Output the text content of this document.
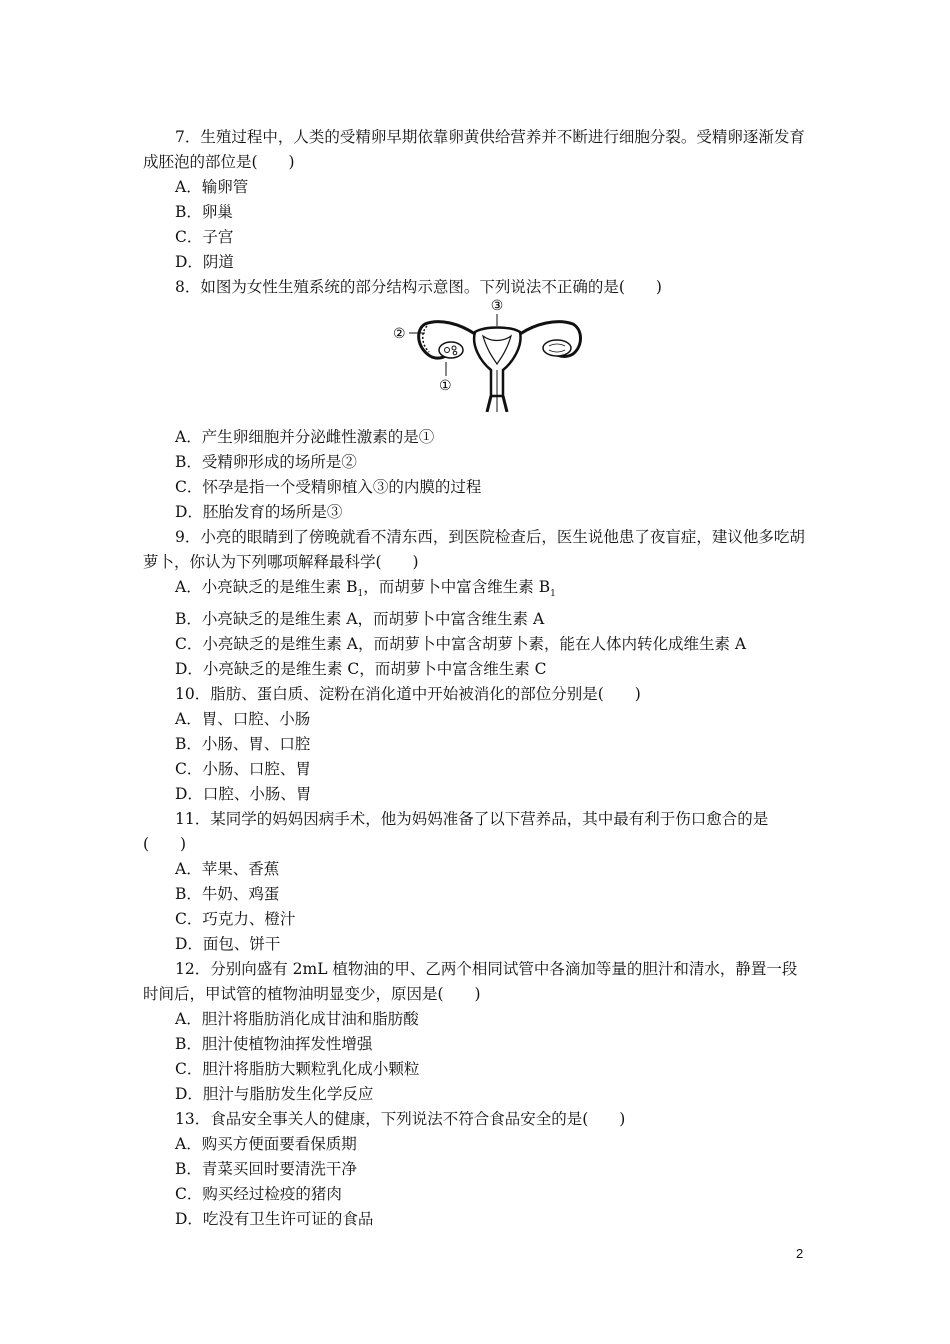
7．生殖过程中，人类的受精卵早期依靠卵黄供给营养并不断进行细胞分裂。受精卵逐渐发育成胚泡的部位是(　　)
A．输卵管
B．卵巢
C．子宫
D．阴道
8．如图为女性生殖系统的部分结构示意图。下列说法不正确的是(　　)
③
②
①
A．产生卵细胞并分泌雌性激素的是①
B．受精卵形成的场所是②
C．怀孕是指一个受精卵植入③的内膜的过程
D．胚胎发育的场所是③
9．小亮的眼睛到了傍晚就看不清东西，到医院检查后，医生说他患了夜盲症，建议他多吃胡萝卜，你认为下列哪项解释最科学(　　)
A．小亮缺乏的是维生素 $B_1$，而胡萝卜中富含维生素 $B_1$
B．小亮缺乏的是维生素 A，而胡萝卜中富含维生素 A
C．小亮缺乏的是维生素 A，而胡萝卜中富含胡萝卜素，能在人体内转化成维生素 A
D．小亮缺乏的是维生素 C，而胡萝卜中富含维生素 C
10．脂肪、蛋白质、淀粉在消化道中开始被消化的部位分别是(　　)
A．胃、口腔、小肠
B．小肠、胃、口腔
C．小肠、口腔、胃
D．口腔、小肠、胃
11．某同学的妈妈因病手术，他为妈妈准备了以下营养品，其中最有利于伤口愈合的是(　　)
A．苹果、香蕉
B．牛奶、鸡蛋
C．巧克力、橙汁
D．面包、饼干
12．分别向盛有 2mL 植物油的甲、乙两个相同试管中各滴加等量的胆汁和清水，静置一段时间后，甲试管的植物油明显变少，原因是(　　)
A．胆汁将脂肪消化成甘油和脂肪酸
B．胆汁使植物油挥发性增强
C．胆汁将脂肪大颗粒乳化成小颗粒
D．胆汁与脂肪发生化学反应
13．食品安全事关人的健康，下列说法不符合食品安全的是(　　)
A．购买方便面要看保质期
B．青菜买回时要清洗干净
C．购买经过检疫的猪肉
D．吃没有卫生许可证的食品
2
